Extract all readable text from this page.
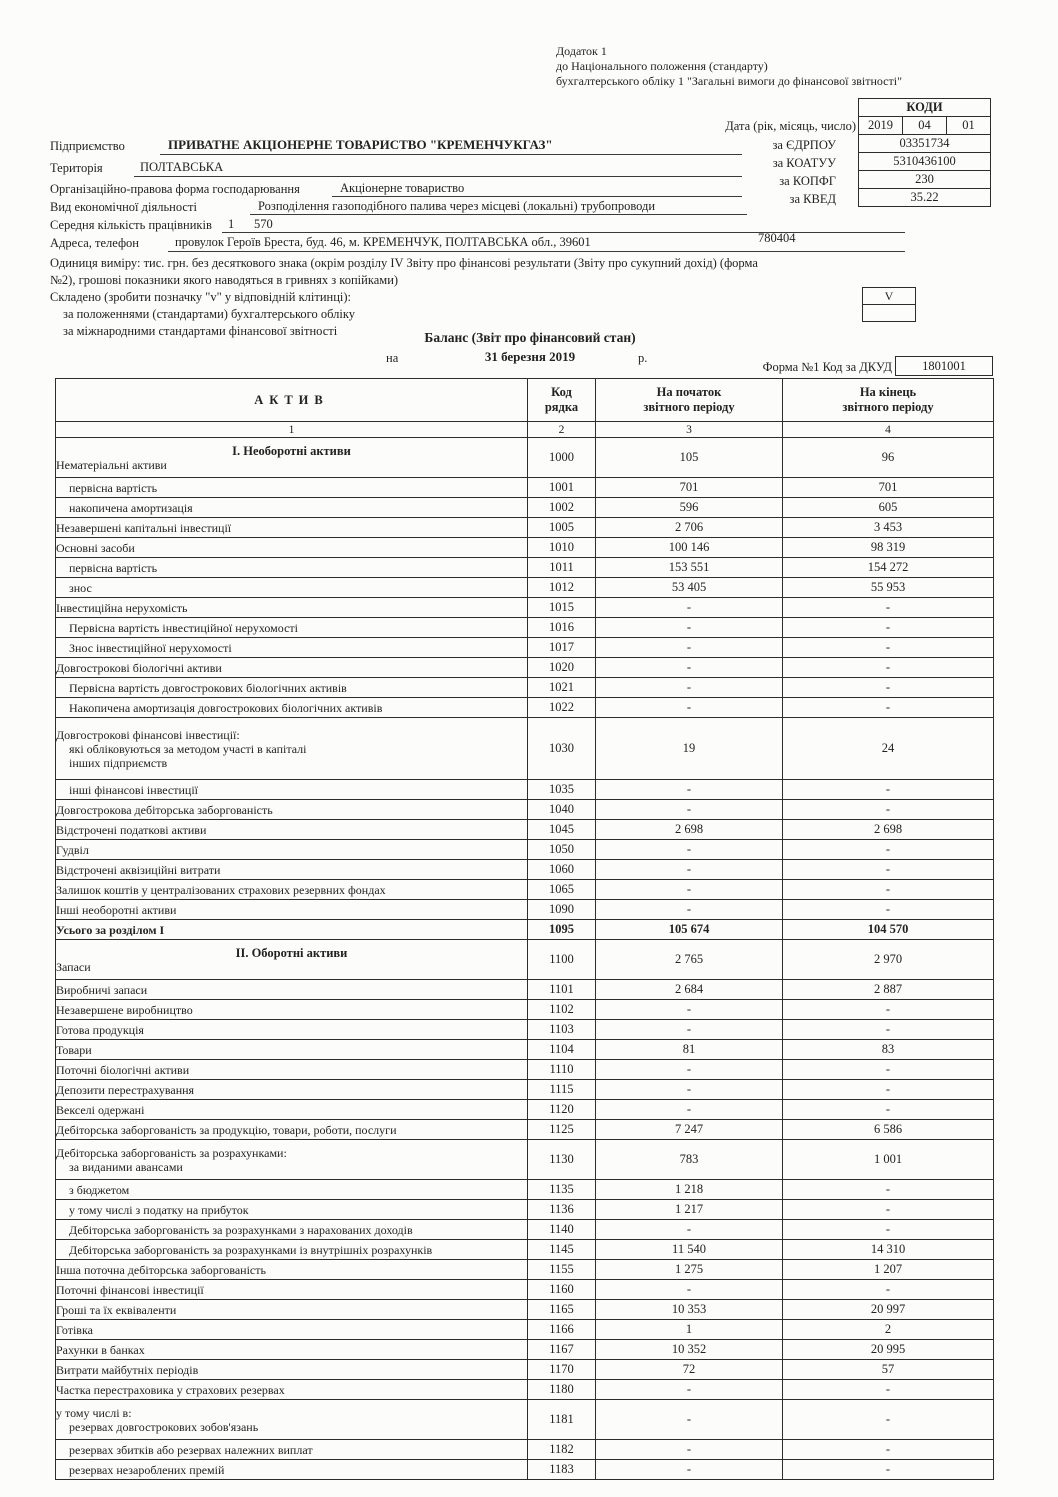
Додаток 1
до Національного положення (стандарту)
бухгалтерського обліку 1 "Загальні вимоги до фінансової звітності"
КОДИ
2019	04	01
03351734
5310436100
230
35.22
Дата (рік, місяць, число)
за ЄДРПОУ
за КОАТУУ
за КОПФГ
за КВЕД
Підприємство	ПРИВАТНЕ АКЦІОНЕРНЕ ТОВАРИСТВО "КРЕМЕНЧУКГАЗ"
Територія	ПОЛТАВСЬКА
Організаційно-правова форма господарювання	Акціонерне товариство
Вид економічної діяльності	Розподілення газоподібного палива через місцеві (локальні) трубопроводи
Середня кількість працівників 1 570
Адреса, телефон	провулок Героїв Бреста, буд. 46, м. КРЕМЕНЧУК, ПОЛТАВСЬКА обл., 39601	780404
Одиниця виміру: тис. грн. без десяткового знака (окрім розділу IV Звіту про фінансові результати (Звіту про сукупний дохід) (форма
№2), грошові показники якого наводяться в гривнях з копійками)
Складено (зробити позначку "v" у відповідній клітинці):
за положеннями (стандартами) бухгалтерського обліку
за міжнародними стандартами фінансової звітності
V

Баланс (Звіт про фінансовий стан)
на	31 березня 2019	р.
Форма №1 Код за ДКУД	1801001
АКТИВ	
Код
рядка

На початок
звітного періоду

На кінець
звітного періоду

1	2	3	4

І. Необоротні активи
Нематеріальні активи	1000	105	96

первісна вартість	1001	701	701

накопичена амортизація	1002	596	605

Незавершені капітальні інвестиції	1005	2 706	3 453

Основні засоби	1010	100 146	98 319

первісна вартість	1011	153 551	154 272

знос	1012	53 405	55 953

Інвестиційна нерухомість	1015	-	-

Первісна вартість інвестиційної нерухомості	1016	-	-

Знос інвестиційної нерухомості	1017	-	-

Довгострокові біологічні активи	1020	-	-

Первісна вартість довгострокових біологічних активів	1021	-	-

Накопичена амортизація довгострокових біологічних активів	1022	-	-

Довгострокові фінансові інвестиції:
які обліковуються за методом участі в капіталі
інших підприємств	1030	19	24

інші фінансові інвестиції	1035	-	-

Довгострокова дебіторська заборгованість	1040	-	-

Відстрочені податкові активи	1045	2 698	2 698

Гудвіл	1050	-	-

Відстрочені аквізиційні витрати	1060	-	-

Залишок коштів у централізованих страхових резервних фондах	1065	-	-

Інші необоротні активи	1090	-	-

Усього за розділом І	1095	105 674	104 570

ІІ. Оборотні активи
Запаси	1100	2 765	2 970

Виробничі запаси	1101	2 684	2 887

Незавершене виробництво	1102	-	-

Готова продукція	1103	-	-

Товари	1104	81	83

Поточні біологічні активи	1110	-	-

Депозити перестрахування	1115	-	-

Векселі одержані	1120	-	-

Дебіторська заборгованість за продукцію, товари, роботи, послуги	1125	7 247	6 586

Дебіторська заборгованість за розрахунками:
за виданими авансами	1130	783	1 001

з бюджетом	1135	1 218	-

у тому числі з податку на прибуток	1136	1 217	-

Дебіторська заборгованість за розрахунками з нарахованих доходів	1140	-	-

Дебіторська заборгованість за розрахунками із внутрішніх розрахунків	1145	11 540	14 310

Інша поточна дебіторська заборгованість	1155	1 275	1 207

Поточні фінансові інвестиції	1160	-	-

Гроші та їх еквіваленти	1165	10 353	20 997

Готівка	1166	1	2

Рахунки в банках	1167	10 352	20 995

Витрати майбутніх періодів	1170	72	57

Частка перестраховика у страхових резервах	1180	-	-

у тому числі в:
резервах довгострокових зобов'язань	1181	-	-

резервах збитків або резервах належних виплат	1182	-	-

резервах незароблених премій	1183	-	-
